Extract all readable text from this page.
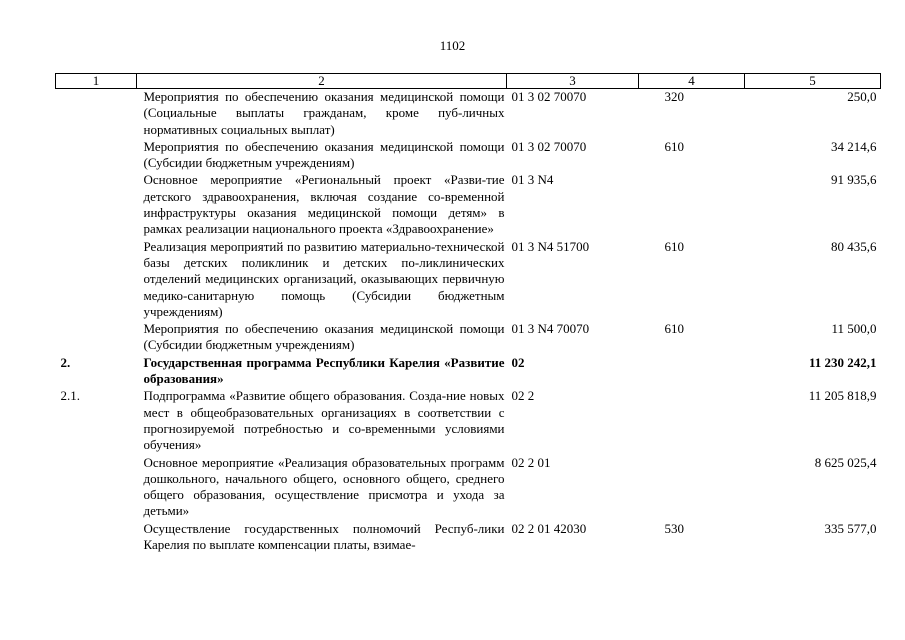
1102
1	2	3	4	5
	Мероприятия по обеспечению оказания медицинской помощи (Социальные выплаты гражданам, кроме пуб-личных нормативных социальных выплат)	01 3 02 70070	320	250,0
	Мероприятия по обеспечению оказания медицинской помощи (Субсидии бюджетным учреждениям)	01 3 02 70070	610	34 214,6
	Основное мероприятие «Региональный проект «Разви-тие детского здравоохранения, включая создание со-временной инфраструктуры оказания медицинской помощи детям» в рамках реализации национального проекта «Здравоохранение»	01 3 N4		91 935,6
	Реализация мероприятий по развитию материально-технической базы детских поликлиник и детских по-ликлинических отделений медицинских организаций, оказывающих первичную медико-санитарную помощь (Субсидии бюджетным учреждениям)	01 3 N4 51700	610	80 435,6
	Мероприятия по обеспечению оказания медицинской помощи (Субсидии бюджетным учреждениям)	01 3 N4 70070	610	11 500,0
2.	Государственная программа Республики Карелия «Развитие образования»	02		11 230 242,1
2.1.	Подпрограмма «Развитие общего образования. Созда-ние новых мест в общеобразовательных организациях в соответствии с прогнозируемой потребностью и со-временными условиями обучения»	02 2		11 205 818,9
	Основное мероприятие «Реализация образовательных программ дошкольного, начального общего, основного общего, среднего общего образования, осуществление присмотра и ухода за детьми»	02 2 01		8 625 025,4
	Осуществление государственных полномочий Респуб-лики Карелия по выплате компенсации платы, взимае-	02 2 01 42030	530	335 577,0
